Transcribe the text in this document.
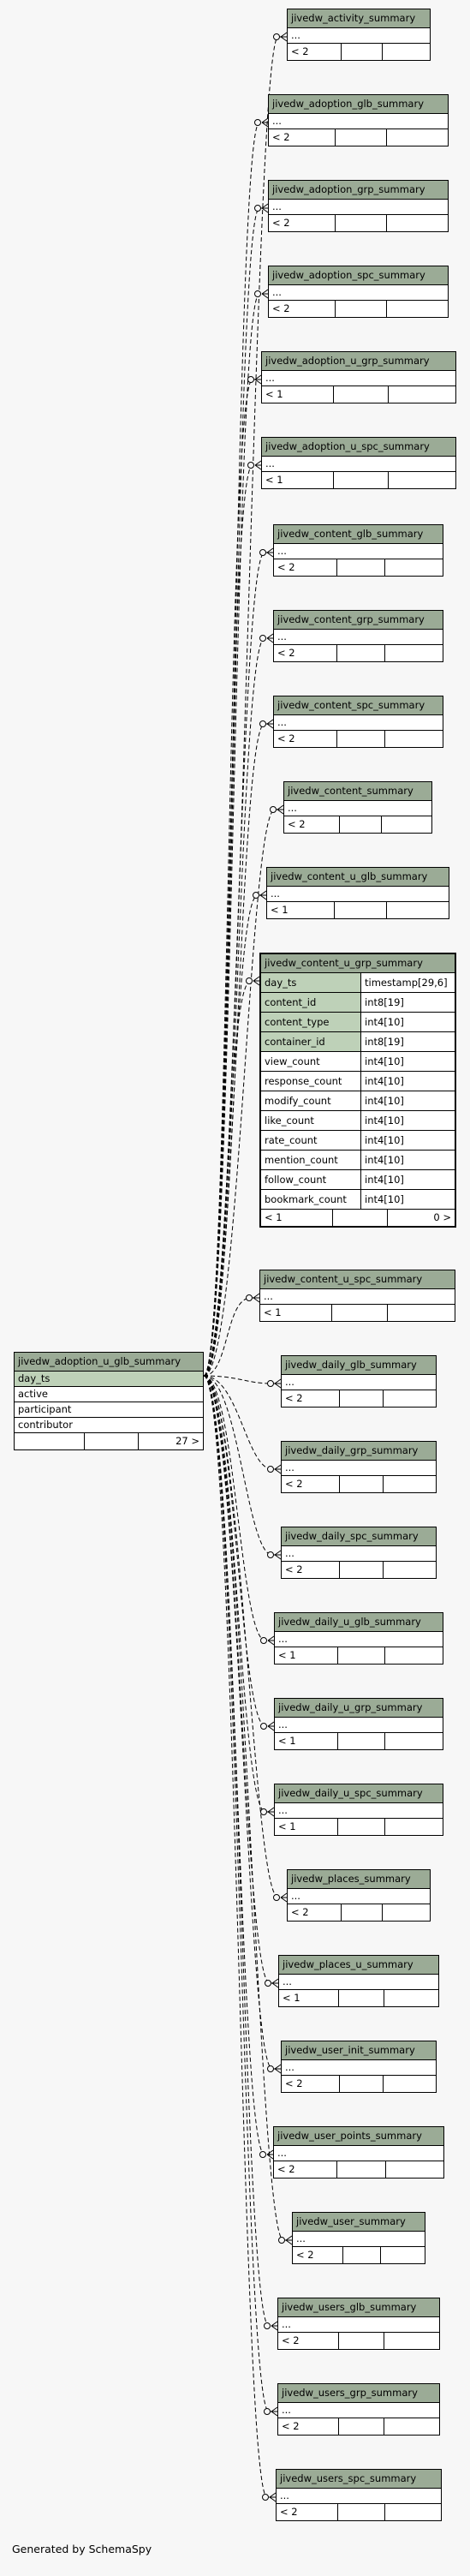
jivedw_adoption_u_glb_summary
day_ts
active
participant
contributor
27 >
jivedw_content_u_grp_summary
day_ts	timestamp[29,6]
content_id	int8[19]
content_type	int4[10]
container_id	int8[19]
view_count	int4[10]
response_count	int4[10]
modify_count	int4[10]
like_count	int4[10]
rate_count	int4[10]
mention_count	int4[10]
follow_count	int4[10]
bookmark_count	int4[10]
< 1	0 >
jivedw_activity_summary
...
< 2
jivedw_adoption_glb_summary
...
< 2
jivedw_adoption_grp_summary
...
< 2
jivedw_adoption_spc_summary
...
< 2
jivedw_adoption_u_grp_summary
...
< 1
jivedw_adoption_u_spc_summary
...
< 1
jivedw_content_glb_summary
...
< 2
jivedw_content_grp_summary
...
< 2
jivedw_content_spc_summary
...
< 2
jivedw_content_summary
...
< 2
jivedw_content_u_glb_summary
...
< 1
jivedw_content_u_spc_summary
...
< 1
jivedw_daily_glb_summary
...
< 2
jivedw_daily_grp_summary
...
< 2
jivedw_daily_spc_summary
...
< 2
jivedw_daily_u_glb_summary
...
< 1
jivedw_daily_u_grp_summary
...
< 1
jivedw_daily_u_spc_summary
...
< 1
jivedw_places_summary
...
< 2
jivedw_places_u_summary
...
< 1
jivedw_user_init_summary
...
< 2
jivedw_user_points_summary
...
< 2
jivedw_user_summary
...
< 2
jivedw_users_glb_summary
...
< 2
jivedw_users_grp_summary
...
< 2
jivedw_users_spc_summary
...
< 2
Generated by SchemaSpy
